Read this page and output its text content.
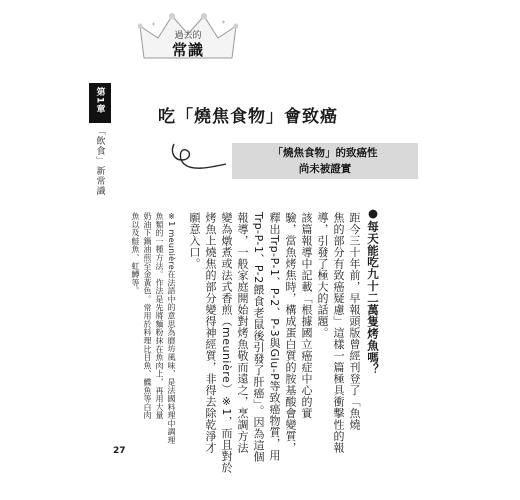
過去的
常識
第1章
「飲食」新常識
吃「燒焦食物」會致癌
「燒焦食物」的致癌性
尚未被證實
●每天能吃九十二萬隻烤魚嗎？
距今三十年前，早報頭版曾經刊登了「魚燒
焦的部分有致癌疑慮」這樣一篇極具衝擊性的報
導，引發了極大的話題。
該篇報導中記載「根據國立癌症中心的實
驗，當魚烤焦時，構成蛋白質的胺基酸會變質，
釋出Trp-P-1、P-2、P-3與Glu-P等致癌物質，用
Trp-P-1、P-2餵食老鼠後引發了肝癌」。因為這個
報導，一般家庭開始對烤魚敬而遠之，烹調方法
變為燉煮或法式香煎（meunière）※1，而且對於
烤魚上燒焦的部分變得神經質，非得去除乾淨才
願意入口。
※1 meunière在法語中的意思為磨坊風味，是法國料理中調理
魚類的一種方法。作法是先將麵粉抹在魚肉上，再用大量
奶油下鍋油煎至金黃色。常用於料理比目魚、鰈魚等白肉
魚以及鮭魚、虹鱒等。
27
